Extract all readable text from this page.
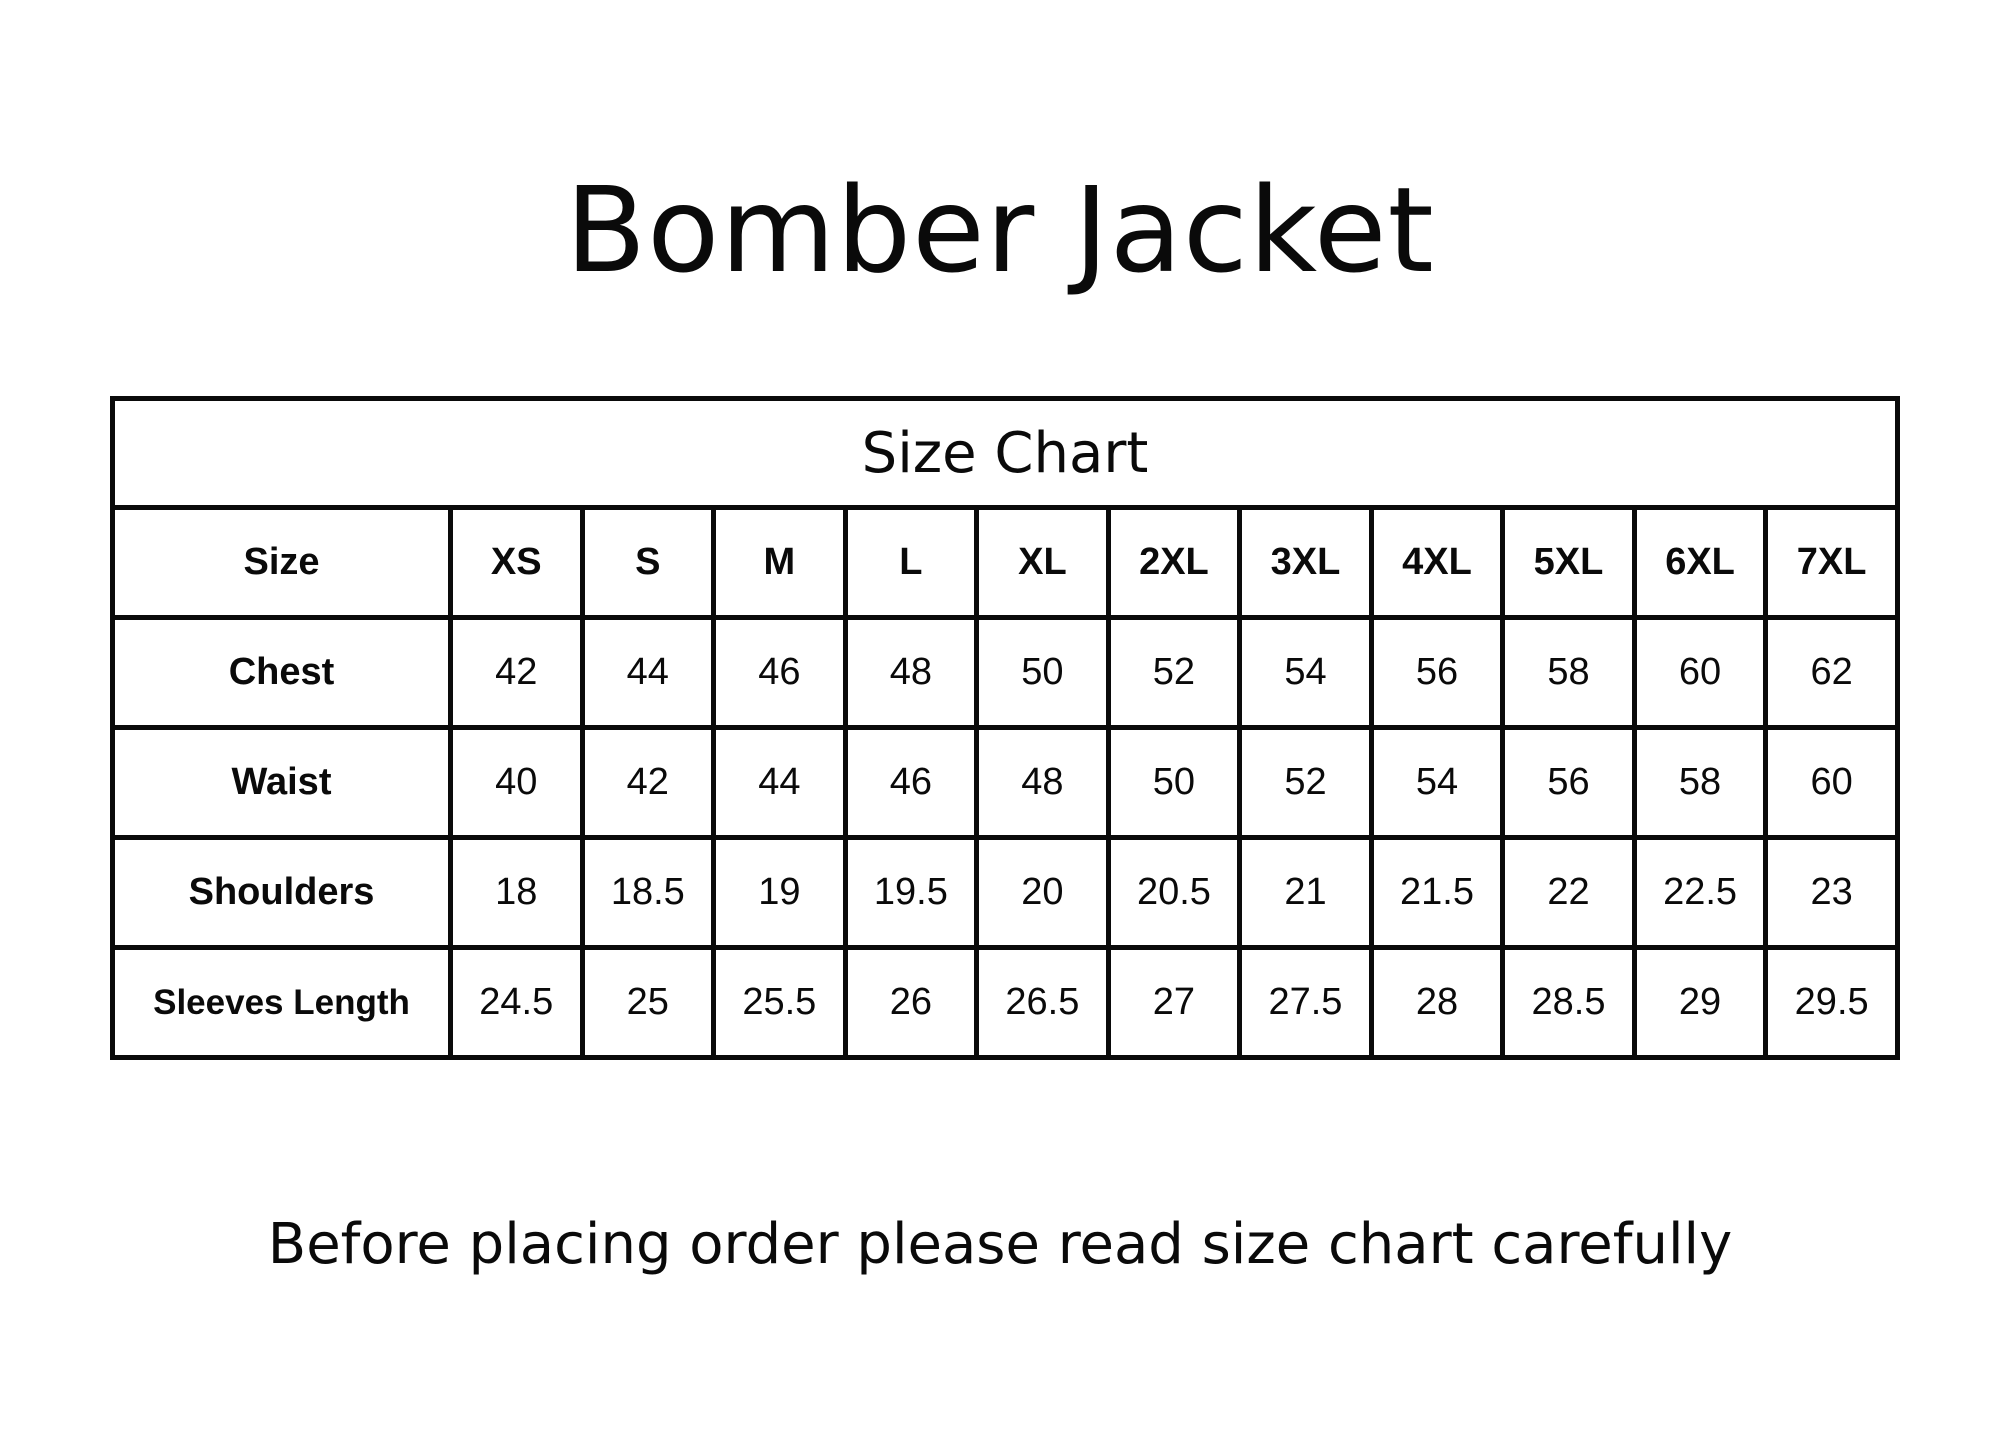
Bomber Jacket
Size Chart											
Size	XS	S	M	L	XL	2XL	3XL	4XL	5XL	6XL	7XL
Chest	42	44	46	48	50	52	54	56	58	60	62
Waist	40	42	44	46	48	50	52	54	56	58	60
Shoulders	18	18.5	19	19.5	20	20.5	21	21.5	22	22.5	23
Sleeves Length	24.5	25	25.5	26	26.5	27	27.5	28	28.5	29	29.5

Before placing order please read size chart carefully
